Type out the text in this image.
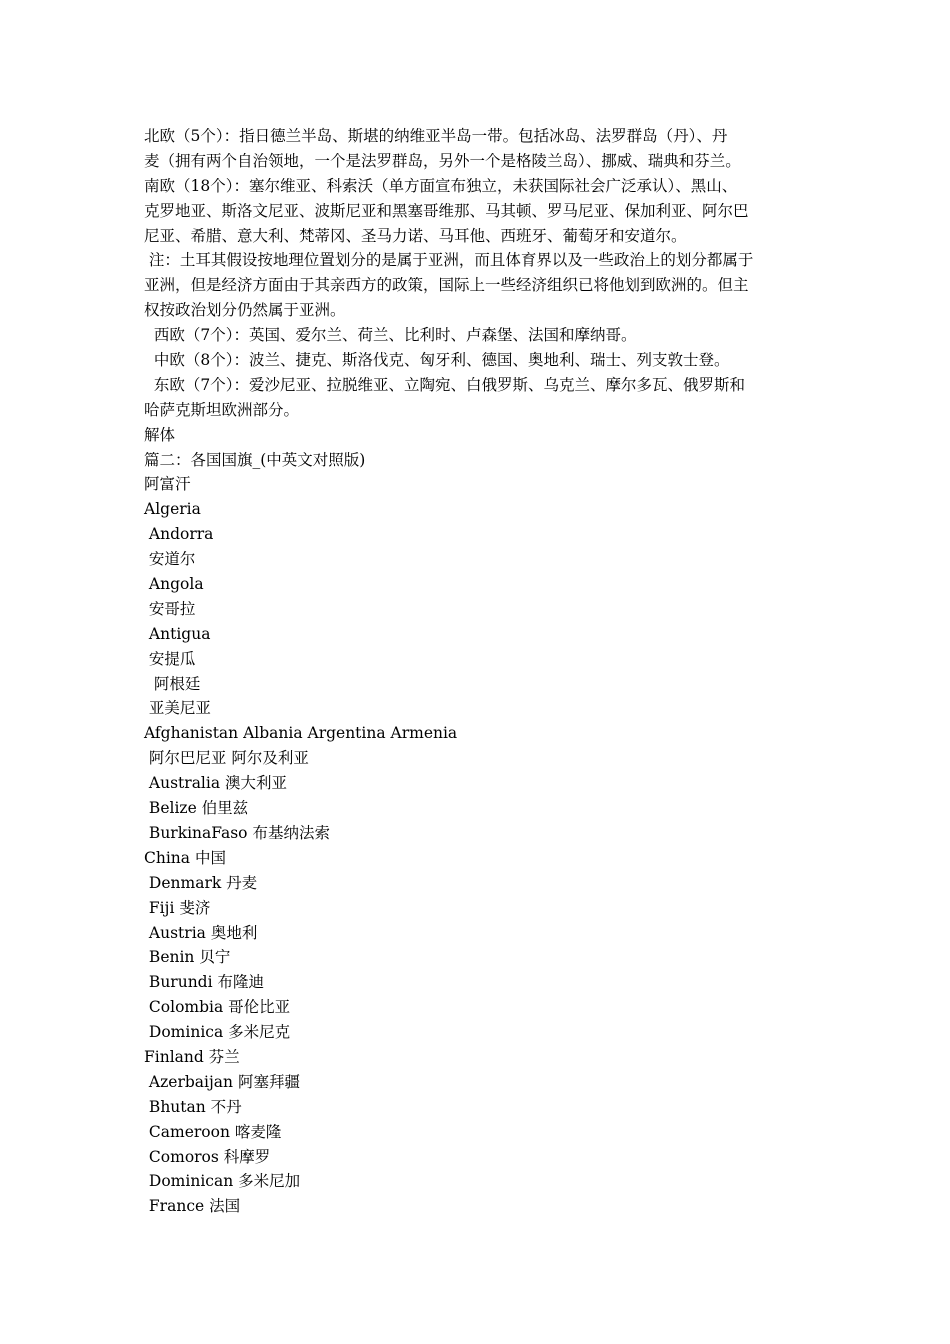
北欧（5个）：指日德兰半岛、斯堪的纳维亚半岛一带。包括冰岛、法罗群岛（丹）、丹
麦（拥有两个自治领地，一个是法罗群岛，另外一个是格陵兰岛）、挪威、瑞典和芬兰。
南欧（18个）：塞尔维亚、科索沃（单方面宣布独立，未获国际社会广泛承认）、黑山、
克罗地亚、斯洛文尼亚、波斯尼亚和黑塞哥维那、马其顿、罗马尼亚、保加利亚、阿尔巴
尼亚、希腊、意大利、梵蒂冈、圣马力诺、马耳他、西班牙、葡萄牙和安道尔。
注：土耳其假设按地理位置划分的是属于亚洲，而且体育界以及一些政治上的划分都属于
亚洲，但是经济方面由于其亲西方的政策，国际上一些经济组织已将他划到欧洲的。但主
权按政治划分仍然属于亚洲。
西欧（7个）：英国、爱尔兰、荷兰、比利时、卢森堡、法国和摩纳哥。
中欧（8个）：波兰、捷克、斯洛伐克、匈牙利、德国、奥地利、瑞士、列支敦士登。
东欧（7个）：爱沙尼亚、拉脱维亚、立陶宛、白俄罗斯、乌克兰、摩尔多瓦、俄罗斯和
哈萨克斯坦欧洲部分。
解体
篇二：各国国旗_(中英文对照版)
阿富汗
Algeria
Andorra
安道尔
Angola
安哥拉
Antigua
安提瓜
阿根廷
亚美尼亚
Afghanistan Albania Argentina Armenia
阿尔巴尼亚 阿尔及利亚
Australia 澳大利亚
Belize 伯里兹
BurkinaFaso 布基纳法索
China 中国
Denmark 丹麦
Fiji 斐济
Austria 奥地利
Benin 贝宁
Burundi 布隆迪
Colombia 哥伦比亚
Dominica 多米尼克
Finland 芬兰
Azerbaijan 阿塞拜疆
Bhutan 不丹
Cameroon 喀麦隆
Comoros 科摩罗
Dominican 多米尼加
France 法国
